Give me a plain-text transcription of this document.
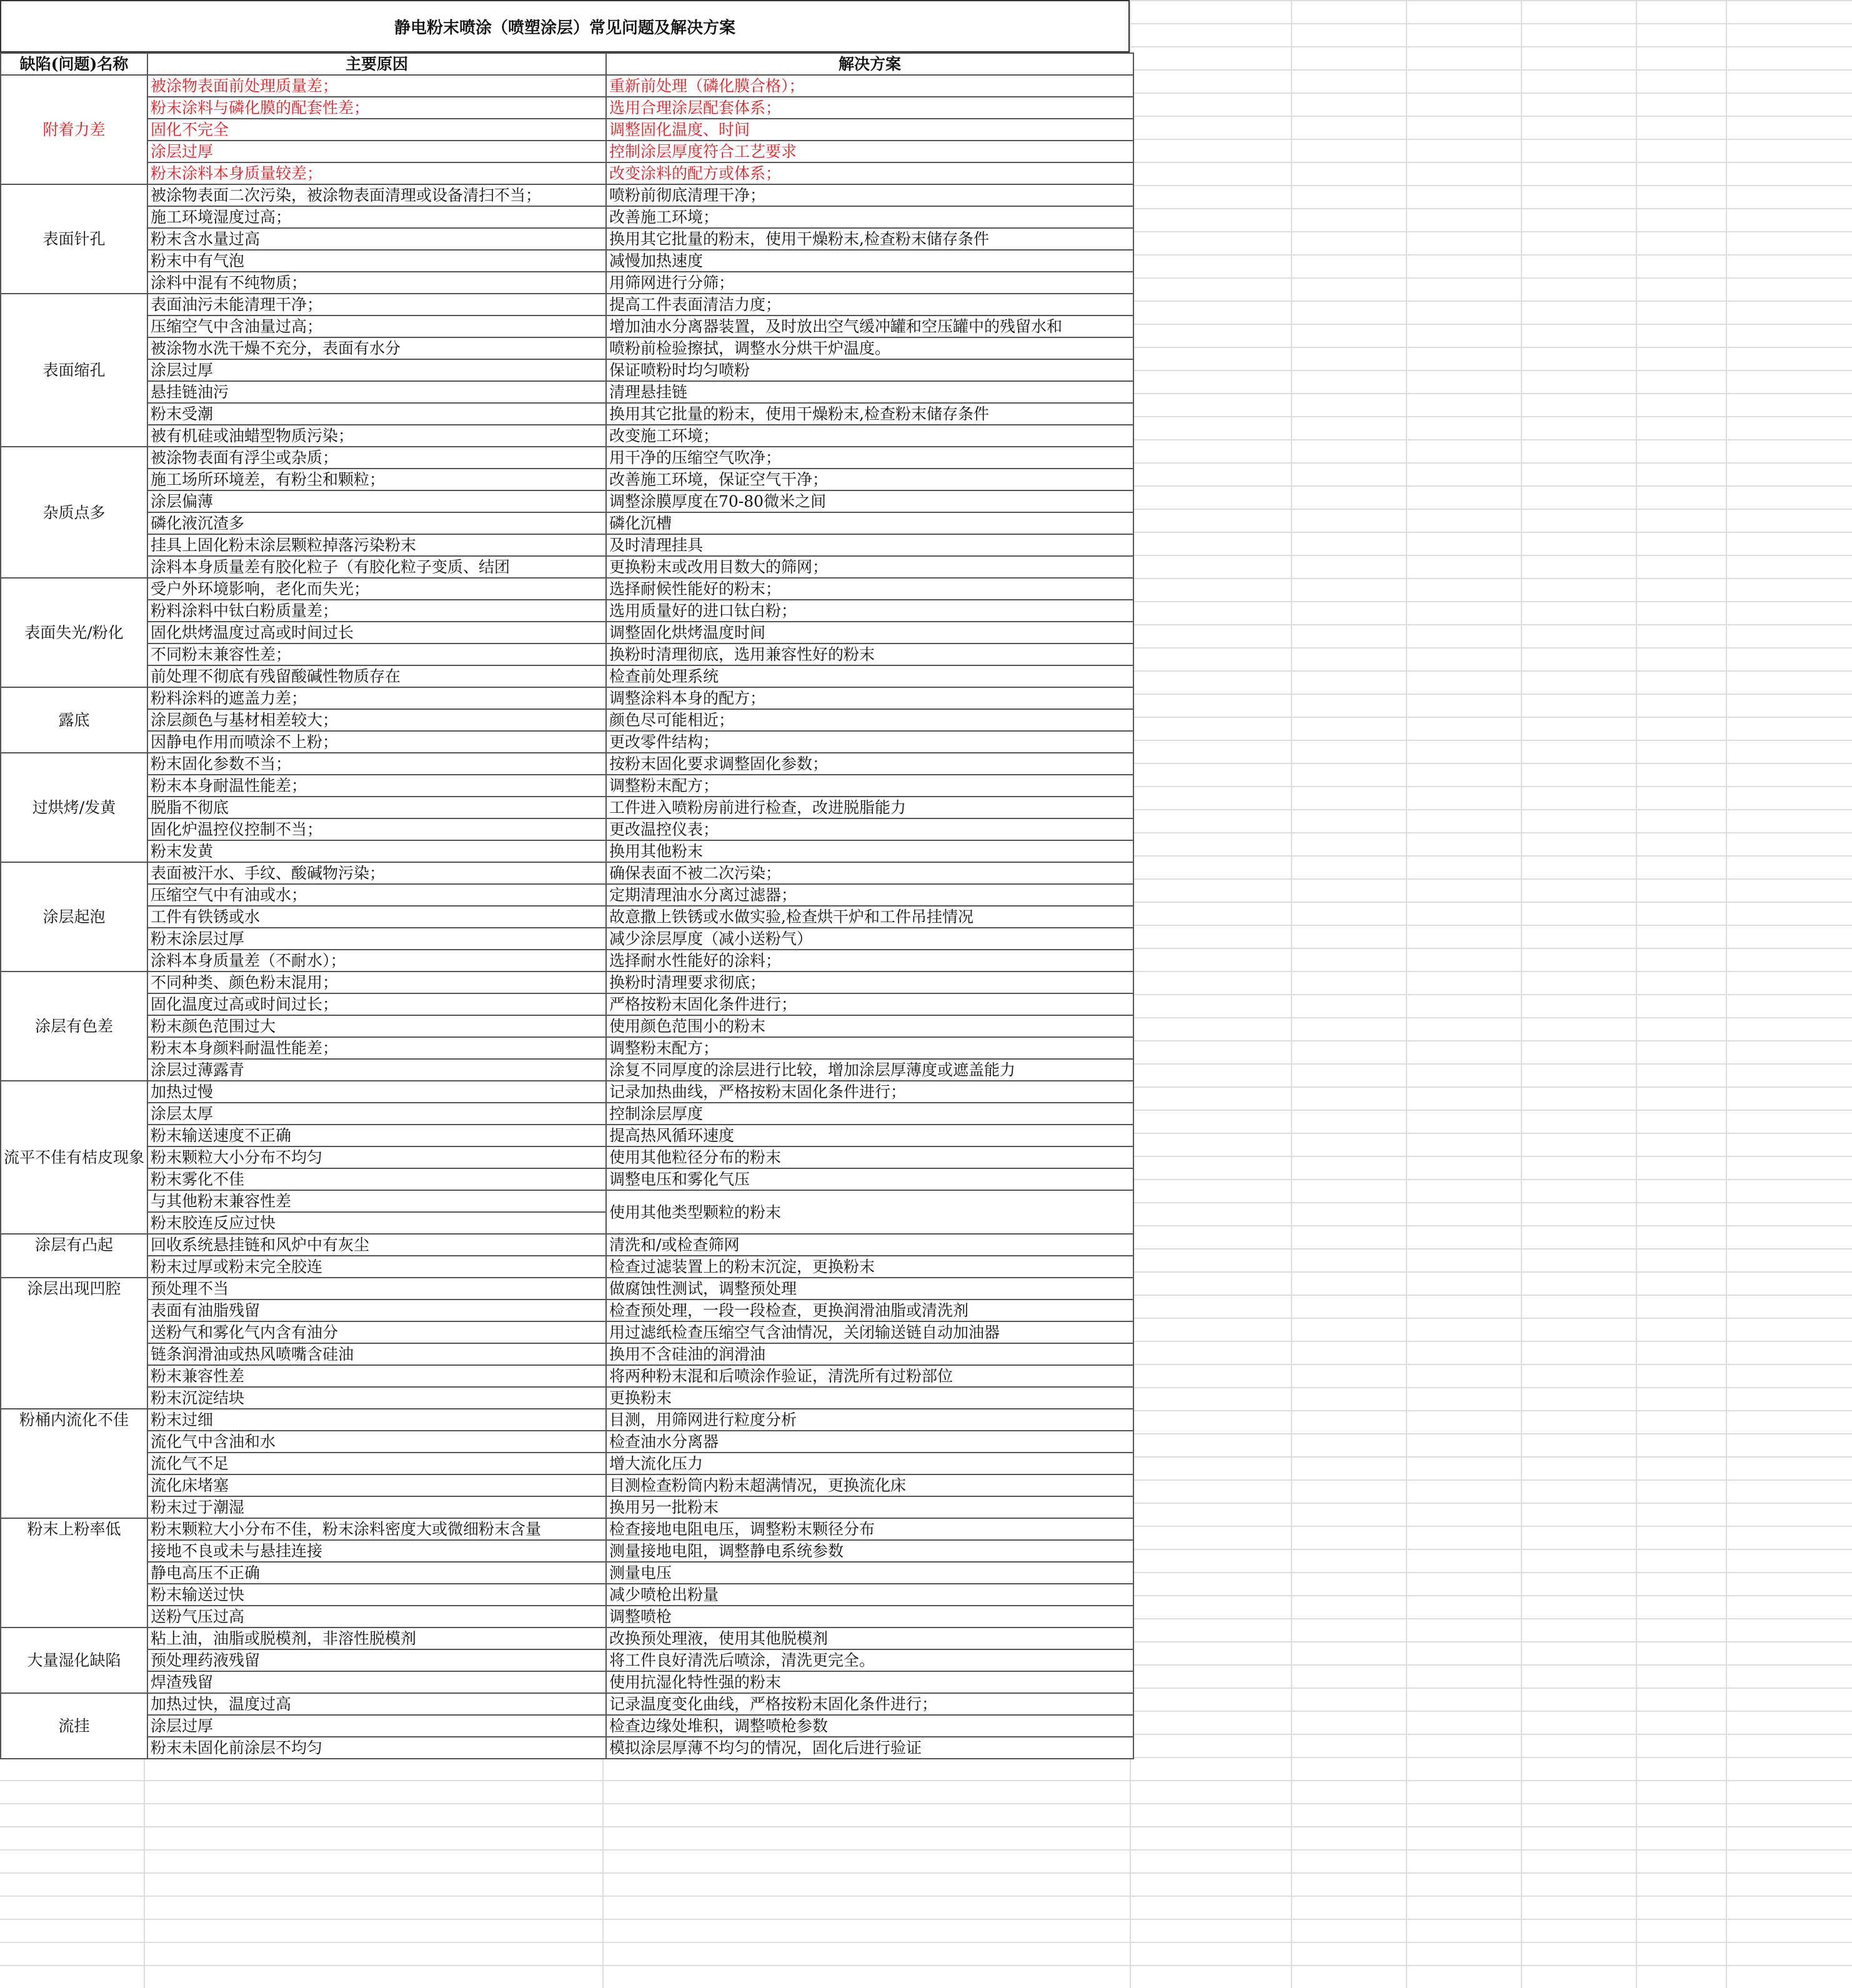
静电粉末喷涂（喷塑涂层）常见问题及解决方案
缺陷(问题)名称	主要原因	解决方案
附着力差	被涂物表面前处理质量差；	重新前处理（磷化膜合格）；
	粉末涂料与磷化膜的配套性差；	选用合理涂层配套体系；
	固化不完全	调整固化温度、时间
	涂层过厚	控制涂层厚度符合工艺要求
	粉末涂料本身质量较差；	改变涂料的配方或体系；
表面针孔	被涂物表面二次污染，被涂物表面清理或设备清扫不当；	喷粉前彻底清理干净；
	施工环境湿度过高；	改善施工环境；
	粉末含水量过高	换用其它批量的粉末，使用干燥粉末,检查粉末储存条件
	粉末中有气泡	减慢加热速度
	涂料中混有不纯物质；	用筛网进行分筛；
表面缩孔	表面油污未能清理干净；	提高工件表面清洁力度；
	压缩空气中含油量过高；	增加油水分离器装置，及时放出空气缓冲罐和空压罐中的残留水和
	被涂物水洗干燥不充分，表面有水分	喷粉前检验擦拭，调整水分烘干炉温度。
	涂层过厚	保证喷粉时均匀喷粉
	悬挂链油污	清理悬挂链
	粉末受潮	换用其它批量的粉末，使用干燥粉末,检查粉末储存条件
	被有机硅或油蜡型物质污染；	改变施工环境；
杂质点多	被涂物表面有浮尘或杂质；	用干净的压缩空气吹净；
	施工场所环境差，有粉尘和颗粒；	改善施工环境，保证空气干净；
	涂层偏薄	调整涂膜厚度在70-80微米之间
	磷化液沉渣多	磷化沉槽
	挂具上固化粉末涂层颗粒掉落污染粉末	及时清理挂具
	涂料本身质量差有胶化粒子（有胶化粒子变质、结团	更换粉末或改用目数大的筛网；
表面失光/粉化	受户外环境影响，老化而失光；	选择耐候性能好的粉末；
	粉料涂料中钛白粉质量差；	选用质量好的进口钛白粉；
	固化烘烤温度过高或时间过长	调整固化烘烤温度时间
	不同粉末兼容性差；	换粉时清理彻底，选用兼容性好的粉末
	前处理不彻底有残留酸碱性物质存在	检查前处理系统
露底	粉料涂料的遮盖力差；	调整涂料本身的配方；
	涂层颜色与基材相差较大；	颜色尽可能相近；
	因静电作用而喷涂不上粉；	更改零件结构；
过烘烤/发黄	粉末固化参数不当；	按粉末固化要求调整固化参数；
	粉末本身耐温性能差；	调整粉末配方；
	脱脂不彻底	工件进入喷粉房前进行检查，改进脱脂能力
	固化炉温控仪控制不当；	更改温控仪表；
	粉末发黄	换用其他粉末
涂层起泡	表面被汗水、手纹、酸碱物污染；	确保表面不被二次污染；
	压缩空气中有油或水；	定期清理油水分离过滤器；
	工件有铁锈或水	故意撒上铁锈或水做实验,检查烘干炉和工件吊挂情况
	粉末涂层过厚	减少涂层厚度（减小送粉气）
	涂料本身质量差（不耐水）；	选择耐水性能好的涂料；
涂层有色差	不同种类、颜色粉末混用；	换粉时清理要求彻底；
	固化温度过高或时间过长；	严格按粉末固化条件进行；
	粉末颜色范围过大	使用颜色范围小的粉末
	粉末本身颜料耐温性能差；	调整粉末配方；
	涂层过薄露青	涂复不同厚度的涂层进行比较，增加涂层厚薄度或遮盖能力
流平不佳有桔皮现象	加热过慢	记录加热曲线，严格按粉末固化条件进行；
	涂层太厚	控制涂层厚度
	粉末输送速度不正确	提高热风循环速度
	粉末颗粒大小分布不均匀	使用其他粒径分布的粉末
	粉末雾化不佳	调整电压和雾化气压
	与其他粉末兼容性差	使用其他类型颗粒的粉末
	粉末胶连反应过快	
涂层有凸起	回收系统悬挂链和风炉中有灰尘	清洗和/或检查筛网
	粉末过厚或粉末完全胶连	检查过滤装置上的粉末沉淀，更换粉末
涂层出现凹腔	预处理不当	做腐蚀性测试，调整预处理
	表面有油脂残留	检查预处理，一段一段检查，更换润滑油脂或清洗剂
	送粉气和雾化气内含有油分	用过滤纸检查压缩空气含油情况，关闭输送链自动加油器
	链条润滑油或热风喷嘴含硅油	换用不含硅油的润滑油
	粉末兼容性差	将两种粉末混和后喷涂作验证，清洗所有过粉部位
	粉末沉淀结块	更换粉末
粉桶内流化不佳	粉末过细	目测，用筛网进行粒度分析
	流化气中含油和水	检查油水分离器
	流化气不足	增大流化压力
	流化床堵塞	目测检查粉筒内粉末超满情况，更换流化床
	粉末过于潮湿	换用另一批粉末
粉末上粉率低	粉末颗粒大小分布不佳，粉末涂料密度大或微细粉末含量	检查接地电阻电压，调整粉末颗径分布
	接地不良或未与悬挂连接	测量接地电阻，调整静电系统参数
	静电高压不正确	测量电压
	粉末输送过快	减少喷枪出粉量
	送粉气压过高	调整喷枪
大量湿化缺陷	粘上油，油脂或脱模剂，非溶性脱模剂	改换预处理液，使用其他脱模剂
	预处理药液残留	将工件良好清洗后喷涂，清洗更完全。
	焊渣残留	使用抗湿化特性强的粉末
流挂	加热过快，温度过高	记录温度变化曲线，严格按粉末固化条件进行；
	涂层过厚	检查边缘处堆积，调整喷枪参数
	粉末未固化前涂层不均匀	模拟涂层厚薄不均匀的情况，固化后进行验证
